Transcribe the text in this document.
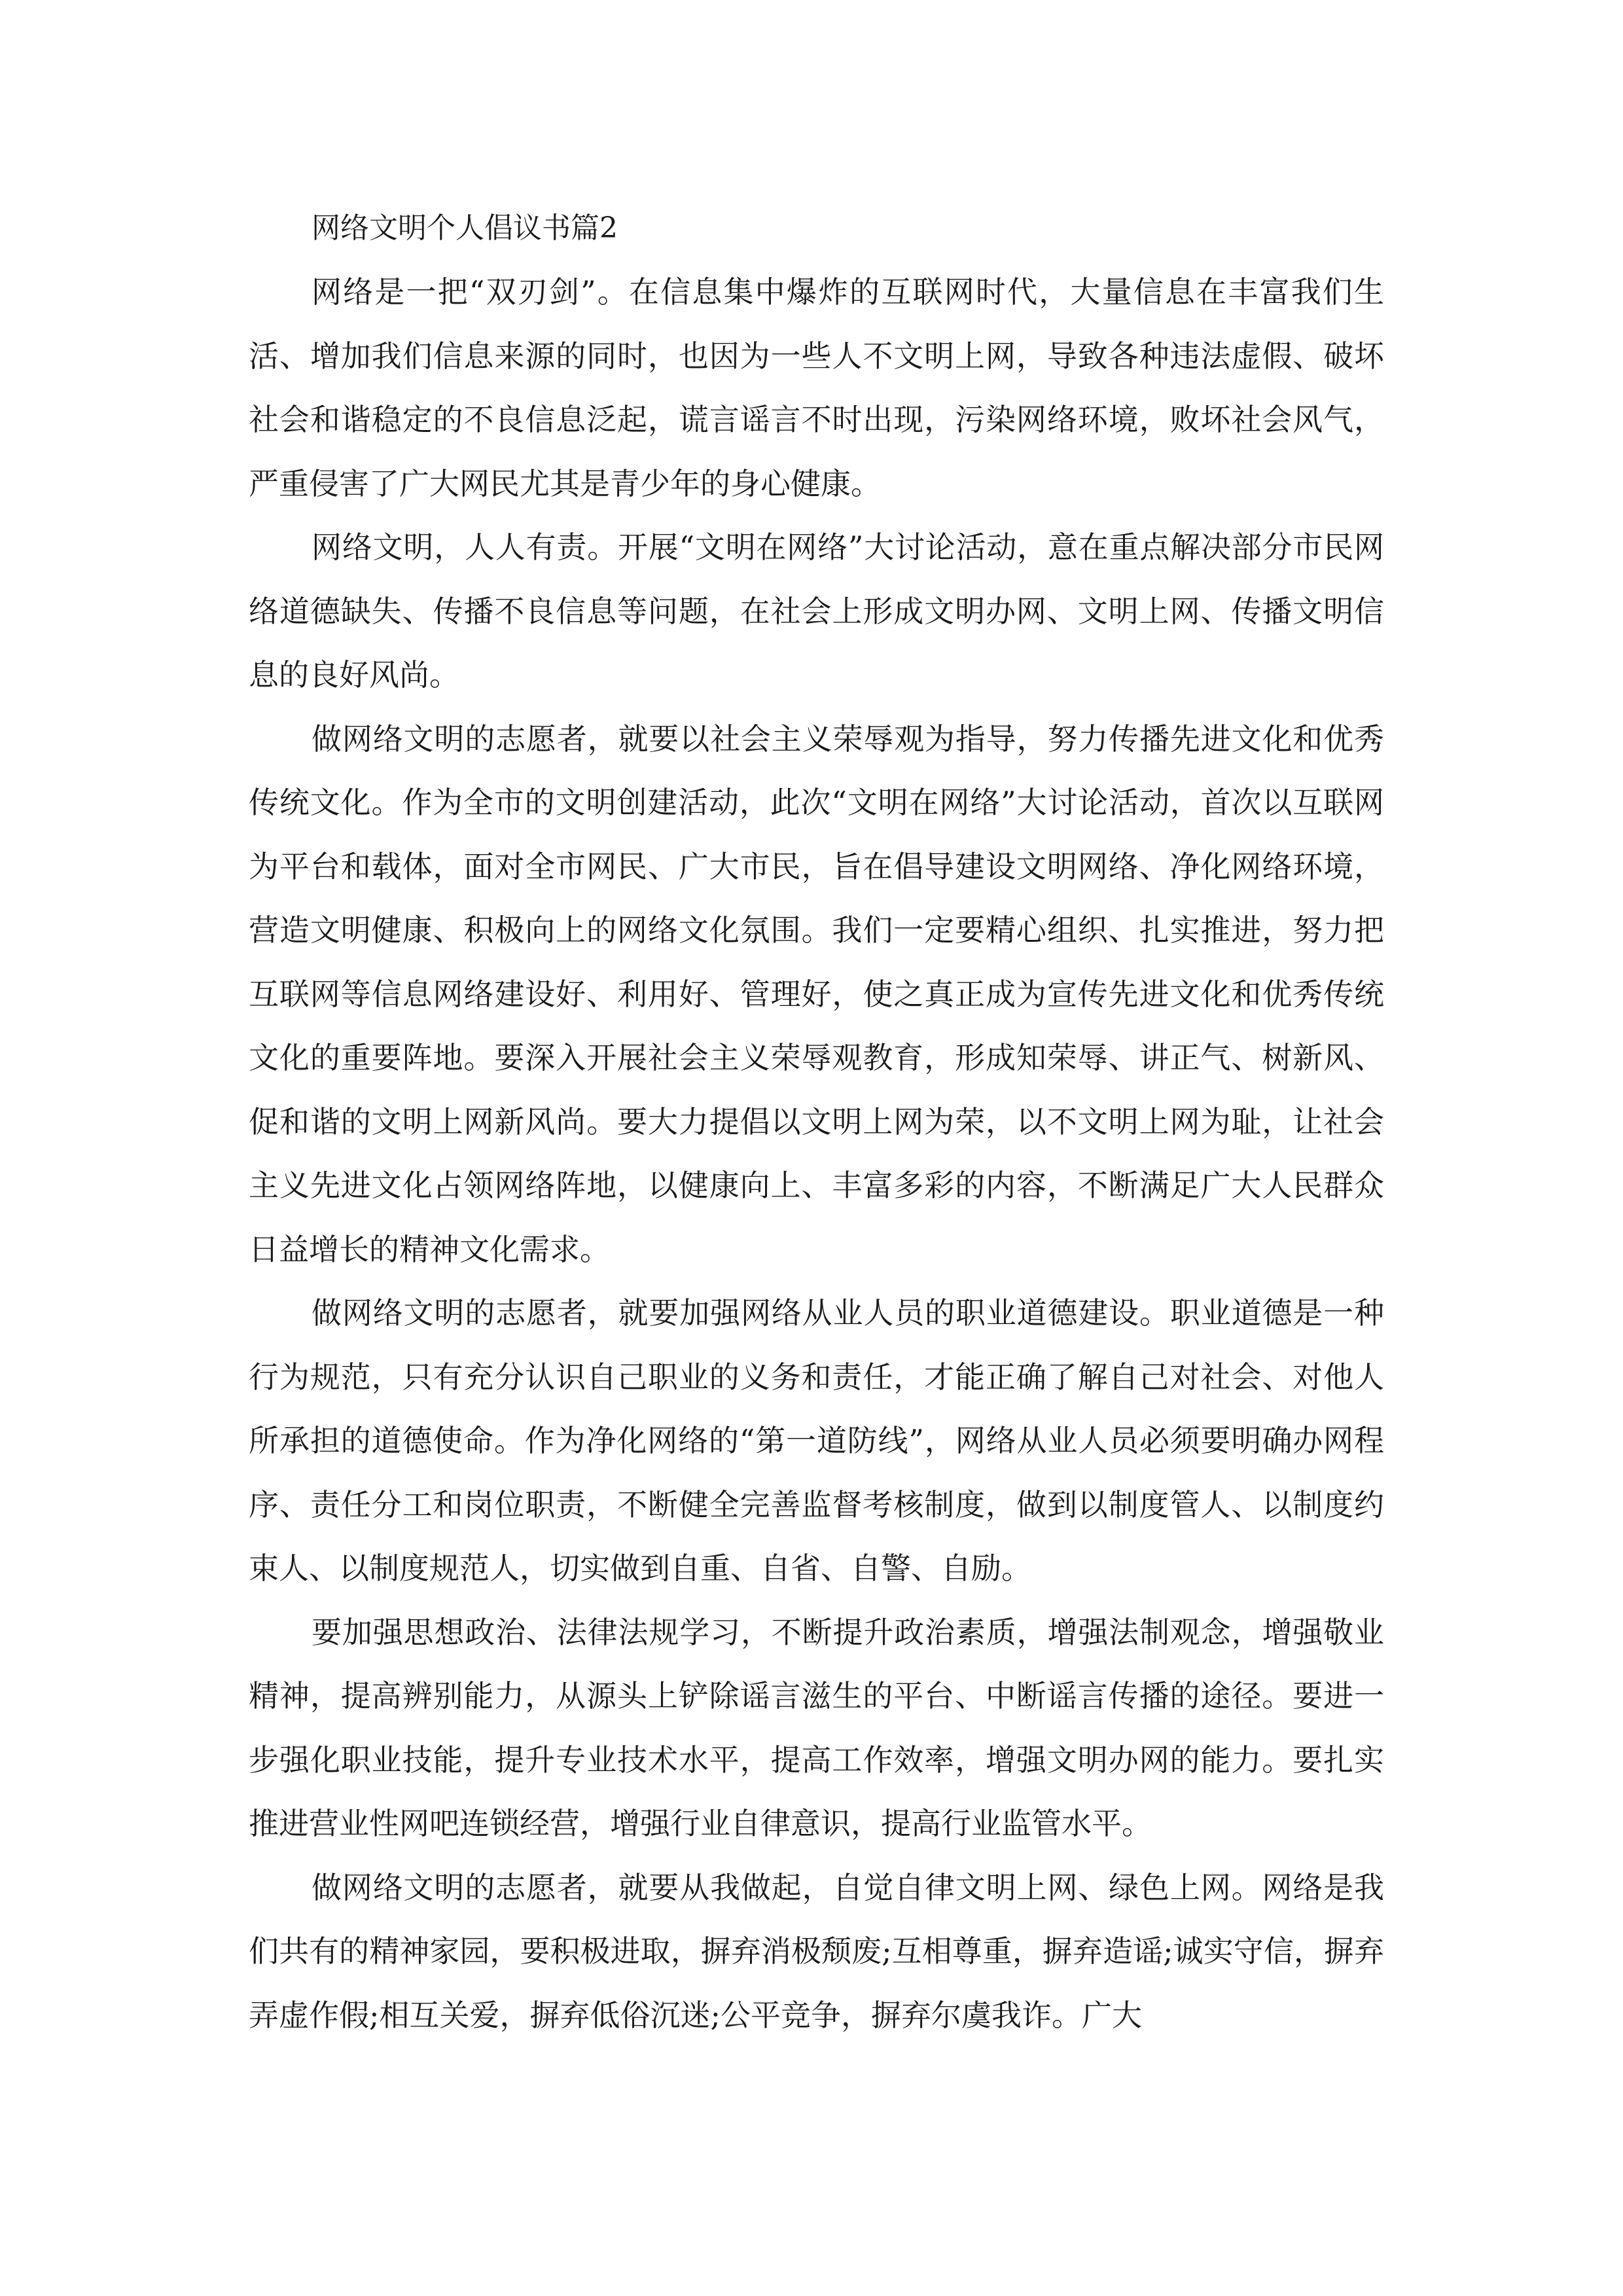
网络文明个人倡议书篇2

网络是一把“双刃剑”。在信息集中爆炸的互联网时代，大量信息在丰富我们生活、增加我们信息来源的同时，也因为一些人不文明上网，导致各种违法虚假、破坏社会和谐稳定的不良信息泛起，谎言谣言不时出现，污染网络环境，败坏社会风气，严重侵害了广大网民尤其是青少年的身心健康。

网络文明，人人有责。开展“文明在网络”大讨论活动，意在重点解决部分市民网络道德缺失、传播不良信息等问题，在社会上形成文明办网、文明上网、传播文明信息的良好风尚。

做网络文明的志愿者，就要以社会主义荣辱观为指导，努力传播先进文化和优秀传统文化。作为全市的文明创建活动，此次“文明在网络”大讨论活动，首次以互联网为平台和载体，面对全市网民、广大市民，旨在倡导建设文明网络、净化网络环境，营造文明健康、积极向上的网络文化氛围。我们一定要精心组织、扎实推进，努力把互联网等信息网络建设好、利用好、管理好，使之真正成为宣传先进文化和优秀传统文化的重要阵地。要深入开展社会主义荣辱观教育，形成知荣辱、讲正气、树新风、促和谐的文明上网新风尚。要大力提倡以文明上网为荣，以不文明上网为耻，让社会主义先进文化占领网络阵地，以健康向上、丰富多彩的内容，不断满足广大人民群众日益增长的精神文化需求。

做网络文明的志愿者，就要加强网络从业人员的职业道德建设。职业道德是一种行为规范，只有充分认识自己职业的义务和责任，才能正确了解自己对社会、对他人所承担的道德使命。作为净化网络的“第一道防线”，网络从业人员必须要明确办网程序、责任分工和岗位职责，不断健全完善监督考核制度，做到以制度管人、以制度约束人、以制度规范人，切实做到自重、自省、自警、自励。

要加强思想政治、法律法规学习，不断提升政治素质，增强法制观念，增强敬业精神，提高辨别能力，从源头上铲除谣言滋生的平台、中断谣言传播的途径。要进一步强化职业技能，提升专业技术水平，提高工作效率，增强文明办网的能力。要扎实推进营业性网吧连锁经营，增强行业自律意识，提高行业监管水平。

做网络文明的志愿者，就要从我做起，自觉自律文明上网、绿色上网。网络是我们共有的精神家园，要积极进取，摒弃消极颓废;互相尊重，摒弃造谣;诚实守信，摒弃弄虚作假;相互关爱，摒弃低俗沉迷;公平竞争，摒弃尔虞我诈。广大
